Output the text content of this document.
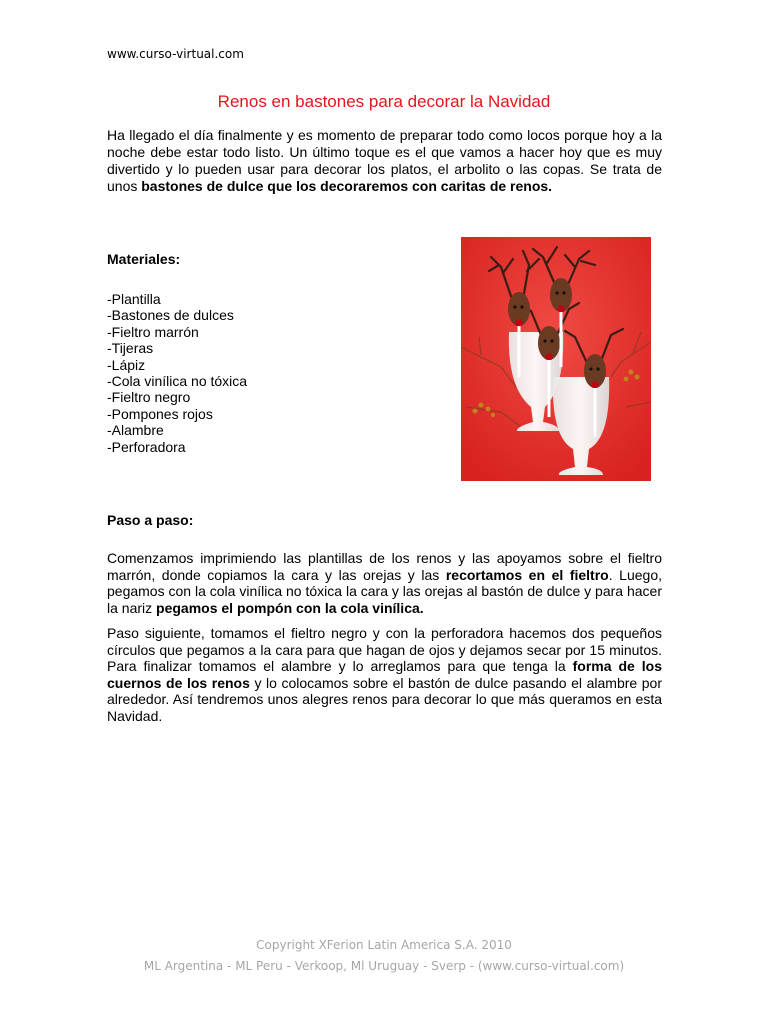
www.curso-virtual.com
Renos en bastones para decorar la Navidad

Ha llegado el día finalmente y es momento de preparar todo como locos porque hoy a la noche debe estar todo listo. Un último toque es el que vamos a hacer hoy que es muy divertido y lo pueden usar para decorar los platos, el arbolito o las copas. Se trata de unos bastones de dulce que los decoraremos con caritas de renos.

Materiales:
-Plantilla
-Bastones de dulces
-Fieltro marrón
-Tijeras
-Lápiz
-Cola vinílica no tóxica
-Fieltro negro
-Pompones rojos
-Alambre
-Perforadora
Paso a paso:

Comenzamos imprimiendo las plantillas de los renos y las apoyamos sobre el fieltro marrón, donde copiamos la cara y las orejas y las recortamos en el fieltro. Luego, pegamos con la cola vinílica no tóxica la cara y las orejas al bastón de dulce y para hacer la nariz pegamos el pompón con la cola vinílica.

Paso siguiente, tomamos el fieltro negro y con la perforadora hacemos dos pequeños círculos que pegamos a la cara para que hagan de ojos y dejamos secar por 15 minutos. Para finalizar tomamos el alambre y lo arreglamos para que tenga la forma de los cuernos de los renos y lo colocamos sobre el bastón de dulce pasando el alambre por alrededor. Así tendremos unos alegres renos para decorar lo que más queramos en esta Navidad.

Copyright XFerion Latin America S.A. 2010
ML Argentina - ML Peru - Verkoop, Ml Uruguay - Sverp - (www.curso-virtual.com)
